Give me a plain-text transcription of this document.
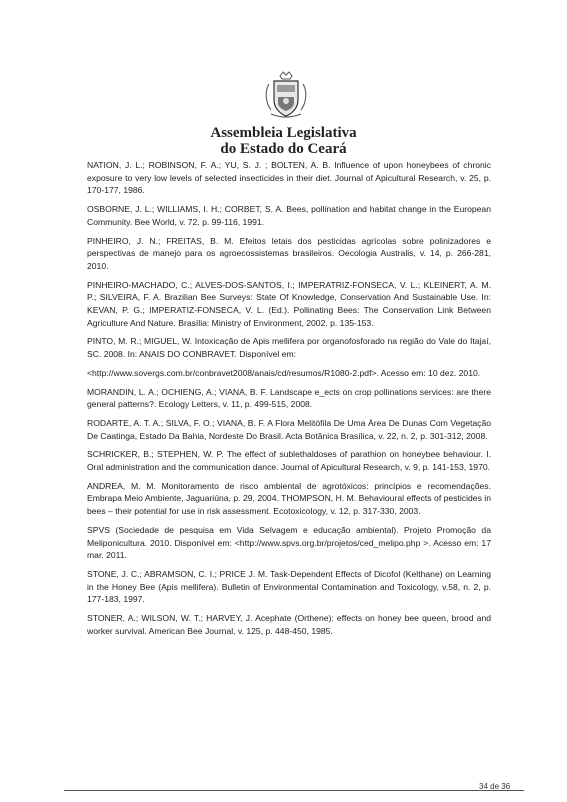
Assembleia Legislativa
do Estado do Ceará

NATION, J. L.; ROBINSON, F. A.; YU, S. J. ; BOLTEN, A. B. Influence of upon honeybees of chronic exposure to very low levels of selected insecticides in their diet. Journal of Apicultural Research, v. 25, p. 170-177, 1986.

OSBORNE, J. L.; WILLIAMS, I. H.; CORBET, S. A. Bees, pollination and habitat change in the European Community. Bee World, v. 72, p. 99-116, 1991.

PINHEIRO, J. N.; FREITAS, B. M. Efeitos letais dos pesticidas agrícolas sobre polinizadores e perspectivas de manejo para os agroecossistemas brasileiros. Oecologia Australis, v. 14, p. 266-281, 2010.

PINHEIRO-MACHADO, C.; ALVES-DOS-SANTOS, I.; IMPERATRIZ-FONSECA, V. L.; KLEINERT, A. M. P.; SILVEIRA, F. A. Brazilian Bee Surveys: State Of Knowledge, Conservation And Sustainable Use. In: KEVAN, P. G.; IMPERATIZ-FONSECA, V. L. (Ed.). Pollinating Bees: The Conservation Link Between Agriculture And Nature. Brasília: Ministry of Environment, 2002. p. 135-153.

PINTO, M. R.; MIGUEL, W. Intoxicação de Apis mellifera por organofosforado na região do Vale do Itajaí, SC. 2008. In: ANAIS DO CONBRAVET. Disponível em:

<http://www.sovergs.com.br/conbravet2008/anais/cd/resumos/R1080-2.pdf>. Acesso em: 10 dez. 2010.

MORANDIN, L. A.; OCHIENG, A.; VIANA, B. F. Landscape e_ects on crop pollinations services: are there general patterns?. Ecology Letters, v. 11, p. 499-515, 2008.

RODARTE, A. T. A.; SILVA, F. O.; VIANA, B. F. A Flora Melitófila De Uma Área De Dunas Com Vegetação De Caatinga, Estado Da Bahia, Nordeste Do Brasil. Acta Botânica Brasílica, v. 22, n. 2, p. 301-312, 2008.

SCHRICKER, B.; STEPHEN, W. P. The effect of sublethaldoses of parathion on honeybee behaviour. I. Oral administration and the communication dance. Journal of Apicultural Research, v. 9, p. 141-153, 1970.

ANDREA, M. M. Monitoramento de risco ambiental de agrotóxicos: princípios e recomendações. Embrapa Meio Ambiente, Jaguariúna, p. 29, 2004. THOMPSON, H. M. Behavioural effects of pesticides in bees – their potential for use in risk assessment. Ecotoxicology, v. 12, p. 317-330, 2003.

SPVS (Sociedade de pesquisa em Vida Selvagem e educação ambiental). Projeto Promoção da Meliponicultura. 2010. Disponível em: <http://www.spvs.org.br/projetos/ced_melipo.php >. Acesso em: 17 mar. 2011.

STONE, J. C.; ABRAMSON, C. I.; PRICE J. M. Task-Dependent Effects of Dicofol (Kelthane) on Learning in the Honey Bee (Apis mellifera). Bulletin of Environmental Contamination and Toxicology, v.58, n. 2, p. 177-183, 1997.

STONER, A.; WILSON, W. T.; HARVEY, J. Acephate (Orthene): effects on honey bee queen, brood and worker survival. American Bee Journal, v. 125, p. 448-450, 1985.

34 de 36
